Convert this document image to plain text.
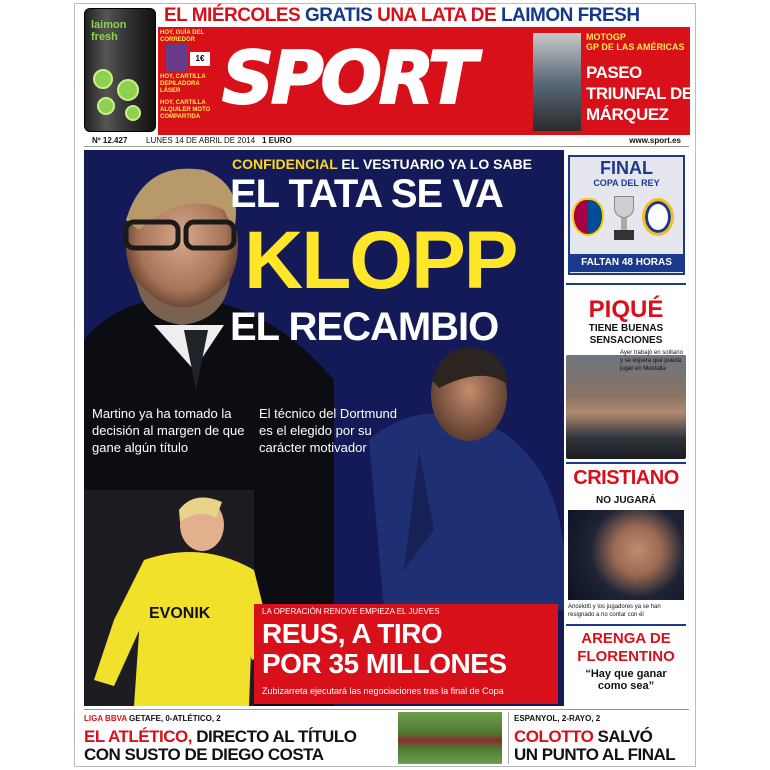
EL MIÉRCOLES GRATIS UNA LATA DE LAIMON FRESH
laimon fresh	HOY, GUÍA DEL CORREDOR
HOY, CARTILLA DEPILADORA LÁSER
HOY, CARTILLA ALQUILER MOTO COMPARTIDA
1€ SPORT	MOTOGP
GP DE LAS AMÉRICAS
PASEO
TRIUNFAL DE
MÁRQUEZ
Nº 12.427 LUNES 14 DE ABRIL DE 2014 1 EURO	www.sport.es
EVONIK
CONFIDENCIAL EL VESTUARIO YA LO SABE
EL TATA SE VA
KLOPP
EL RECAMBIO
Martino ya ha tomado la decisión al margen de que gane algún título
El técnico del Dortmund es el elegido por su carácter motivador
LA OPERACIÓN RENOVE EMPIEZA EL JUEVES
REUS, A TIRO
POR 35 MILLONES
Zubizarreta ejecutará las negociaciones tras la final de Copa
FINAL
COPA DEL REY
FALTAN 48 HORAS
PIQUÉ
TIENE BUENAS
SENSACIONES
Ayer trabajó en solitario y se espera que pueda jugar en Mestalla
CRISTIANO
NO JUGARÁ
Ancelotti y los jugadores ya se han resignado a no contar con él
ARENGA DE
FLORENTINO
“Hay que ganar
como sea”
LIGA BBVA GETAFE, 0-ATLÉTICO, 2
EL ATLÉTICO, DIRECTO AL TÍTULO
CON SUSTO DE DIEGO COSTA
ESPANYOL, 2-RAYO, 2
COLOTTO SALVÓ
UN PUNTO AL FINAL
